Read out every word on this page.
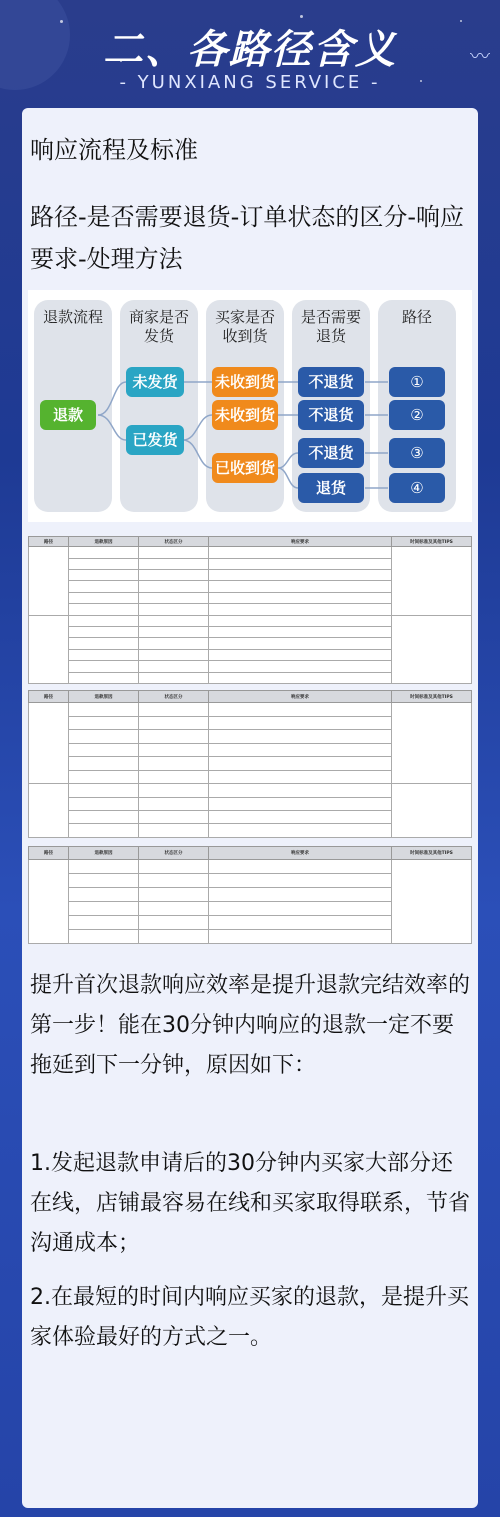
〰
二、各路径含义
- YUNXIANG SERVICE -
响应流程及标准
路径-是否需要退货-订单状态的区分-响应要求-处理方法
退款流程	商家是否发货
买家是否收到货
是否需要退货
路径
退款
未发货
已发货
未收到货
未收到货
已收到货
不退货
不退货
不退货
退货
①
②
③
④
路径	退款原因	状态区分	响应要求	时间标准及其他TIPS

路径	退款原因	状态区分	响应要求	时间标准及其他TIPS

路径	退款原因	状态区分	响应要求	时间标准及其他TIPS

提升首次退款响应效率是提升退款完结效率的第一步！能在30分钟内响应的退款一定不要拖延到下一分钟，原因如下：
1.发起退款申请后的30分钟内买家大部分还在线，店铺最容易在线和买家取得联系，节省沟通成本；
2.在最短的时间内响应买家的退款，是提升买家体验最好的方式之一。
